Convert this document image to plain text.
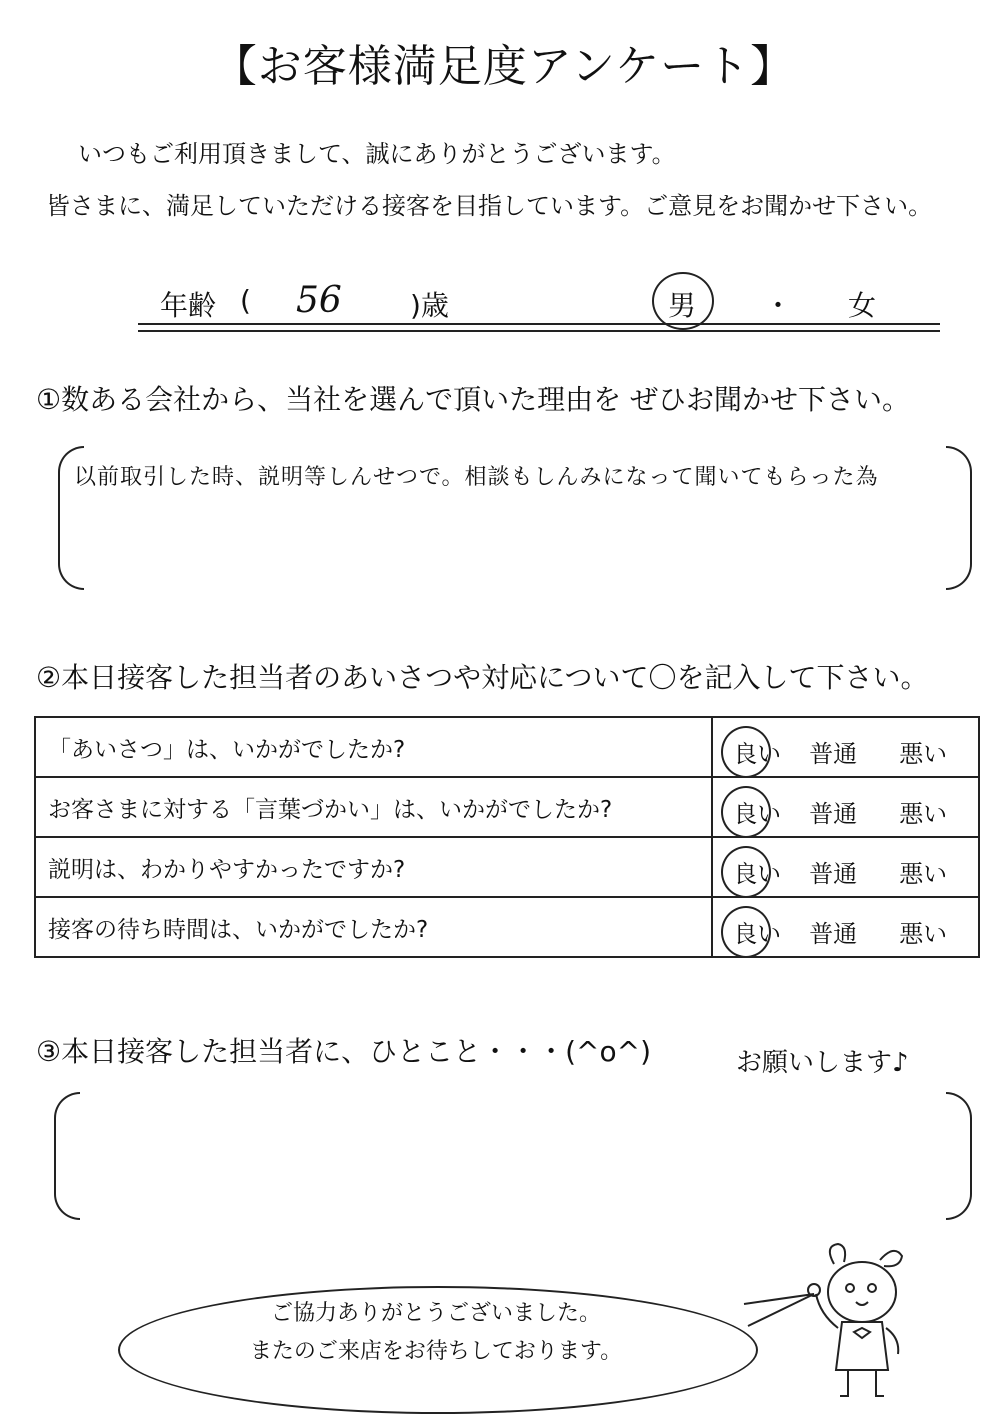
【お客様満足度アンケート】
いつもご利用頂きまして、誠にありがとうございます。
皆さまに、満足していただける接客を目指しています。ご意見をお聞かせ下さい。
年齢 ( 56 )歳	男 ・ 女
①数ある会社から、当社を選んで頂いた理由を ぜひお聞かせ下さい。
以前取引した時、説明等しんせつで。相談もしんみになって聞いてもらった為
②本日接客した担当者のあいさつや対応について〇を記入して下さい。
「あいさつ」は、いかがでしたか?	良い 普通 悪い

お客さまに対する「言葉づかい」は、いかがでしたか?	良い 普通 悪い

説明は、わかりやすかったですか?	良い 普通 悪い

接客の待ち時間は、いかがでしたか?	良い 普通 悪い
③本日接客した担当者に、ひとこと・・・(^o^)	お願いします♪
ご協力ありがとうございました。
またのご来店をお待ちしております。
